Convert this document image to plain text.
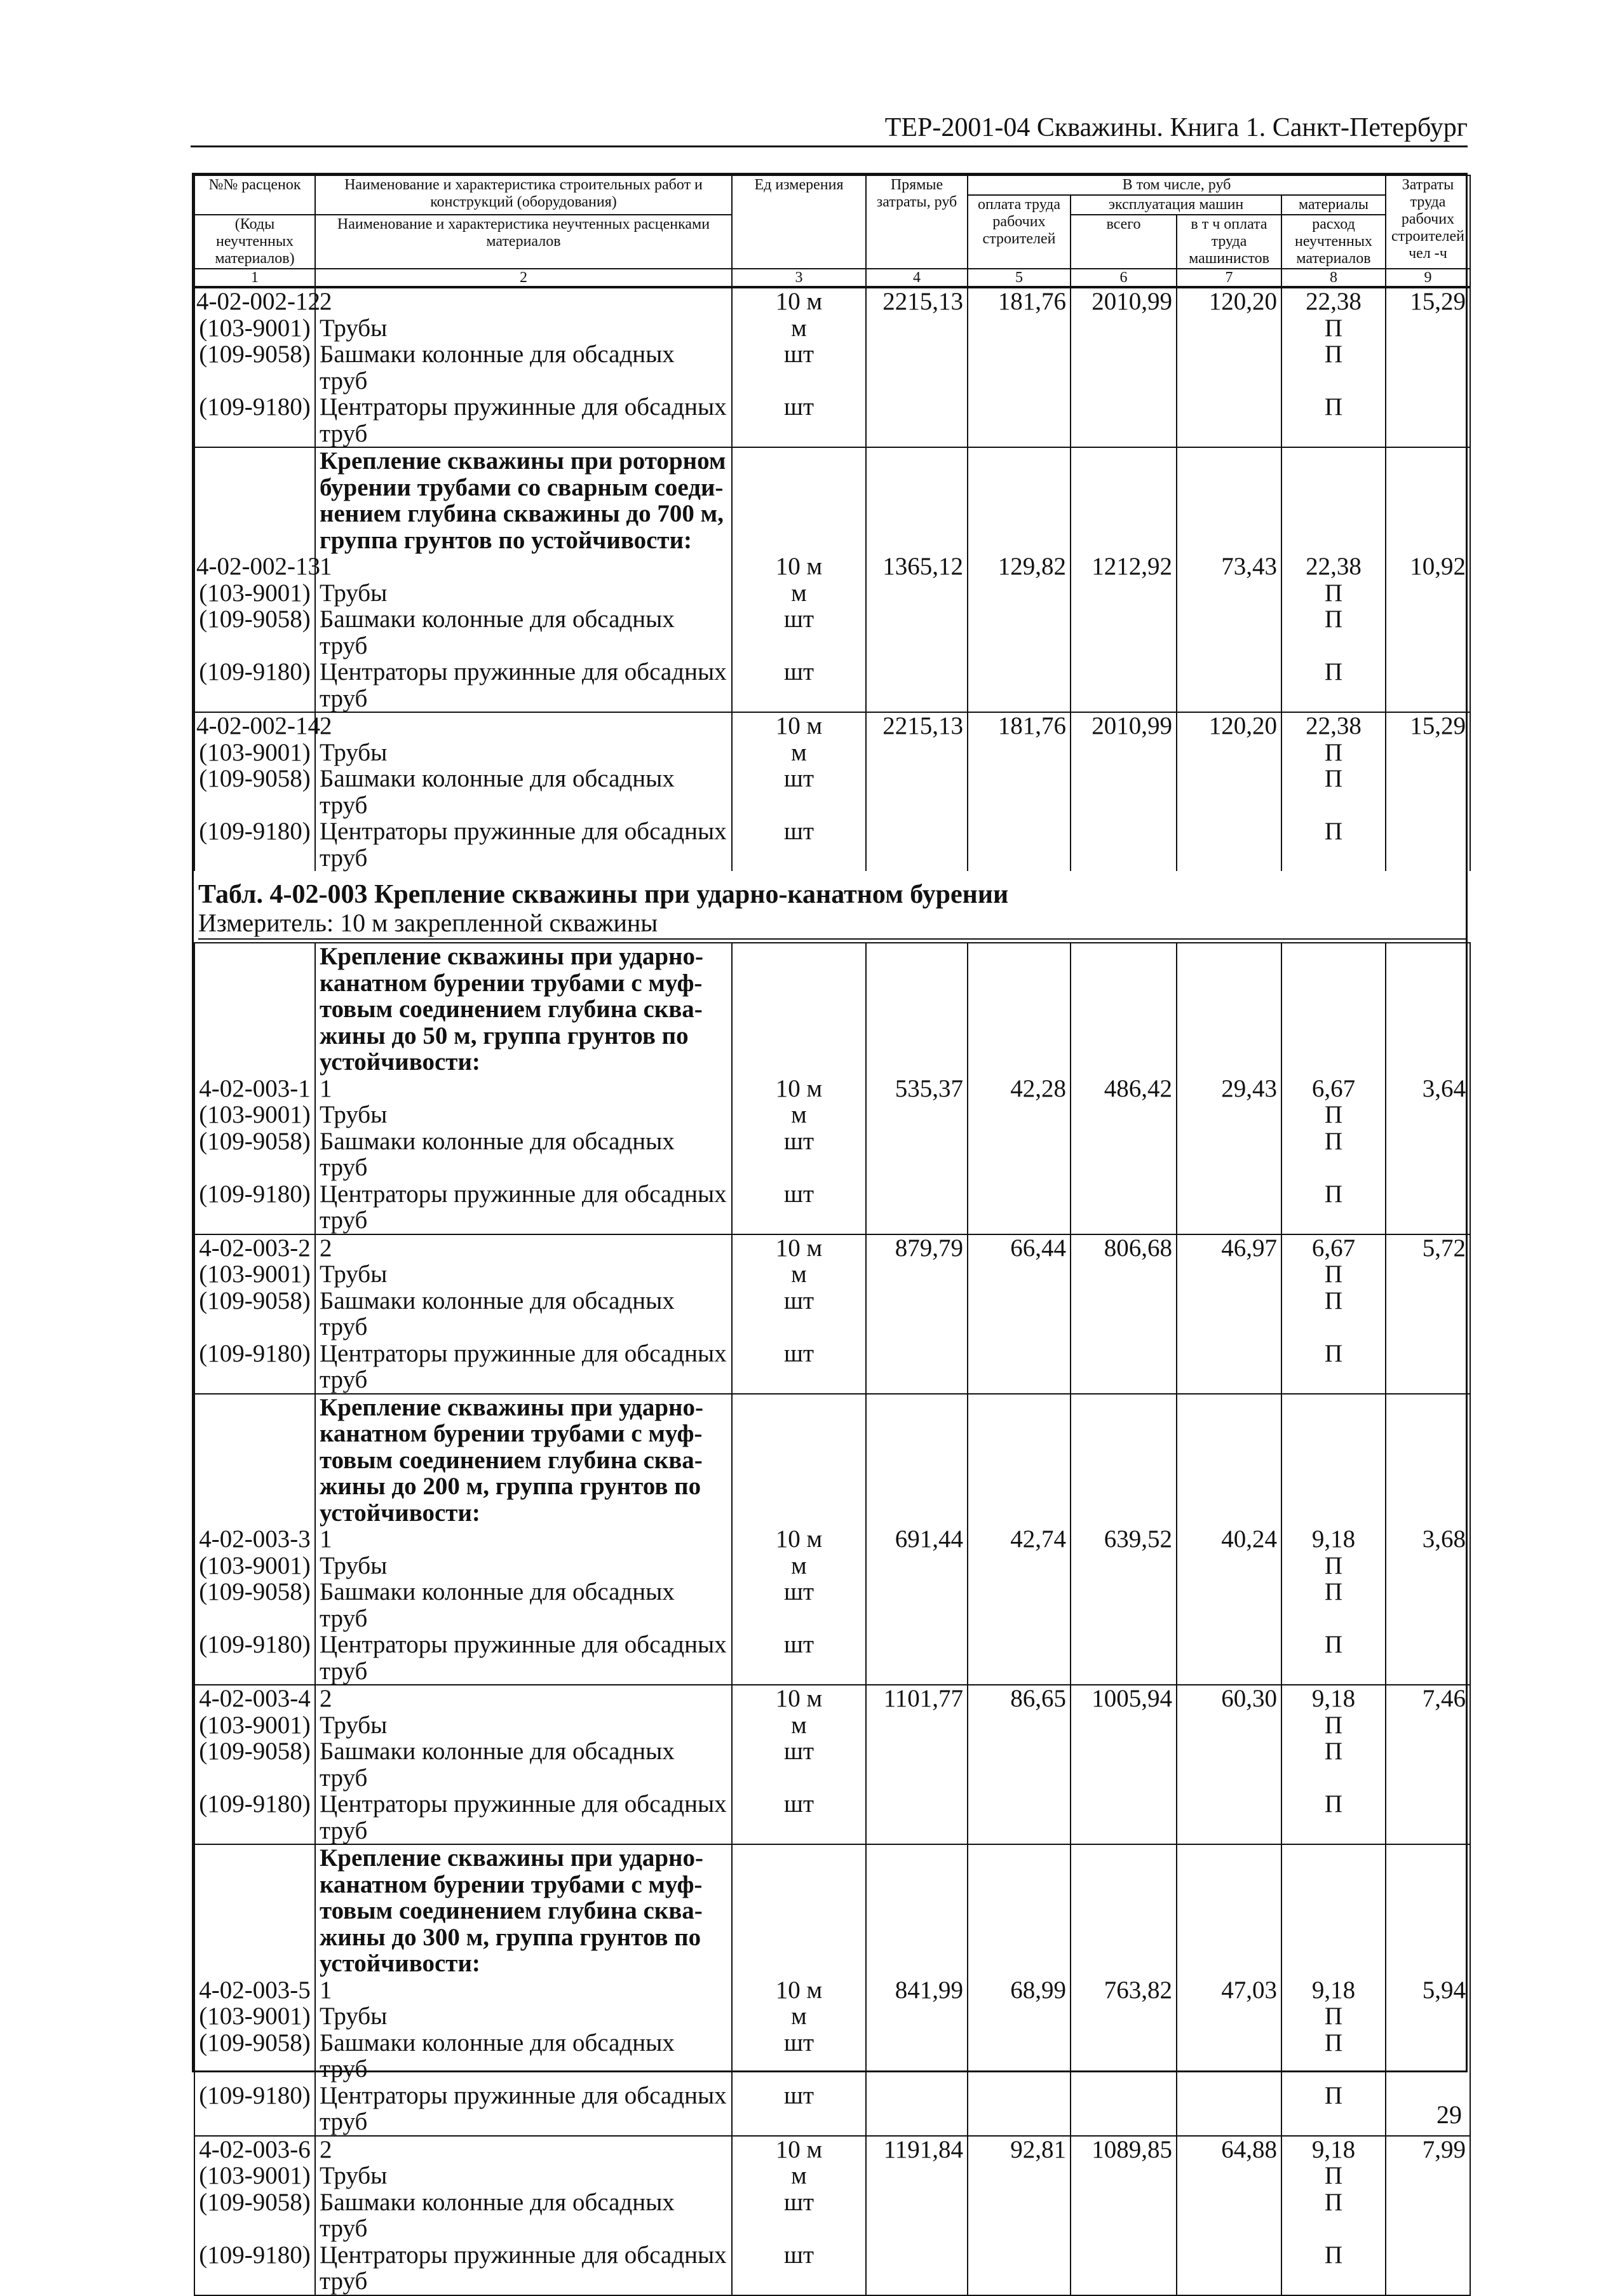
ТЕР-2001-04 Скважины. Книга 1. Санкт-Петербург
№№ расценок	Наименование и характеристика строительных работ и конструкций (оборудования)	Ед измерения	Прямые затраты, руб	В том числе, руб				Затраты труда рабочих строителей чел -ч
				оплата труда рабочих строителей	эксплуатация машин		материалы	
(Коды неучтенных материалов)	Наименование и характеристика неучтенных расценками материалов				всего	в т ч оплата труда машинистов	расход неучтенных материалов	

1	2	3	4	5	6	7	8	9
4-02-002-12	2	10 м	2215,13	181,76	2010,99	120,20	22,38	15,29
(103-9001)	Трубы	м					П	
(109-9058)	Башмаки колонные для обсадных труб	шт					П	
(109-9180)	Центраторы пружинные для обсадных	шт					П	
	труб							
	Крепление скважины при роторном бурении трубами со сварным соеди-нением глубина скважины до 700 м, группа грунтов по устойчивости:							
4-02-002-13	1	10 м	1365,12	129,82	1212,92	73,43	22,38	10,92
(103-9001)	Трубы	м					П	
(109-9058)	Башмаки колонные для обсадных труб	шт					П	
(109-9180)	Центраторы пружинные для обсадных	шт					П	
	труб							
4-02-002-14	2	10 м	2215,13	181,76	2010,99	120,20	22,38	15,29
(103-9001)	Трубы	м					П	
(109-9058)	Башмаки колонные для обсадных труб	шт					П	
(109-9180)	Центраторы пружинные для обсадных	шт					П	
	труб							

Табл. 4-02-003 Крепление скважины при ударно-канатном бурении
Измеритель: 10 м закрепленной скважины								

	Крепление скважины при ударно-канатном бурении трубами с муф-товым соединением глубина сква-жины до 50 м, группа грунтов по устойчивости:							
4-02-003-1	1	10 м	535,37	42,28	486,42	29,43	6,67	3,64
(103-9001)	Трубы	м					П	
(109-9058)	Башмаки колонные для обсадных труб	шт					П	
(109-9180)	Центраторы пружинные для обсадных	шт					П	
	труб							
4-02-003-2	2	10 м	879,79	66,44	806,68	46,97	6,67	5,72
(103-9001)	Трубы	м					П	
(109-9058)	Башмаки колонные для обсадных труб	шт					П	
(109-9180)	Центраторы пружинные для обсадных	шт					П	
	труб							
	Крепление скважины при ударно-канатном бурении трубами с муф-товым соединением глубина сква-жины до 200 м, группа грунтов по устойчивости:							
4-02-003-3	1	10 м	691,44	42,74	639,52	40,24	9,18	3,68
(103-9001)	Трубы	м					П	
(109-9058)	Башмаки колонные для обсадных труб	шт					П	
(109-9180)	Центраторы пружинные для обсадных	шт					П	
	труб							
4-02-003-4	2	10 м	1101,77	86,65	1005,94	60,30	9,18	7,46
(103-9001)	Трубы	м					П	
(109-9058)	Башмаки колонные для обсадных труб	шт					П	
(109-9180)	Центраторы пружинные для обсадных	шт					П	
	труб							
	Крепление скважины при ударно-канатном бурении трубами с муф-товым соединением глубина сква-жины до 300 м, группа грунтов по устойчивости:							
4-02-003-5	1	10 м	841,99	68,99	763,82	47,03	9,18	5,94
(103-9001)	Трубы	м					П	
(109-9058)	Башмаки колонные для обсадных труб	шт					П	
(109-9180)	Центраторы пружинные для обсадных	шт					П	
	труб							
4-02-003-6	2	10 м	1191,84	92,81	1089,85	64,88	9,18	7,99
(103-9001)	Трубы	м					П	
(109-9058)	Башмаки колонные для обсадных труб	шт					П	
(109-9180)	Центраторы пружинные для обсадных	шт					П	
	труб							
29
